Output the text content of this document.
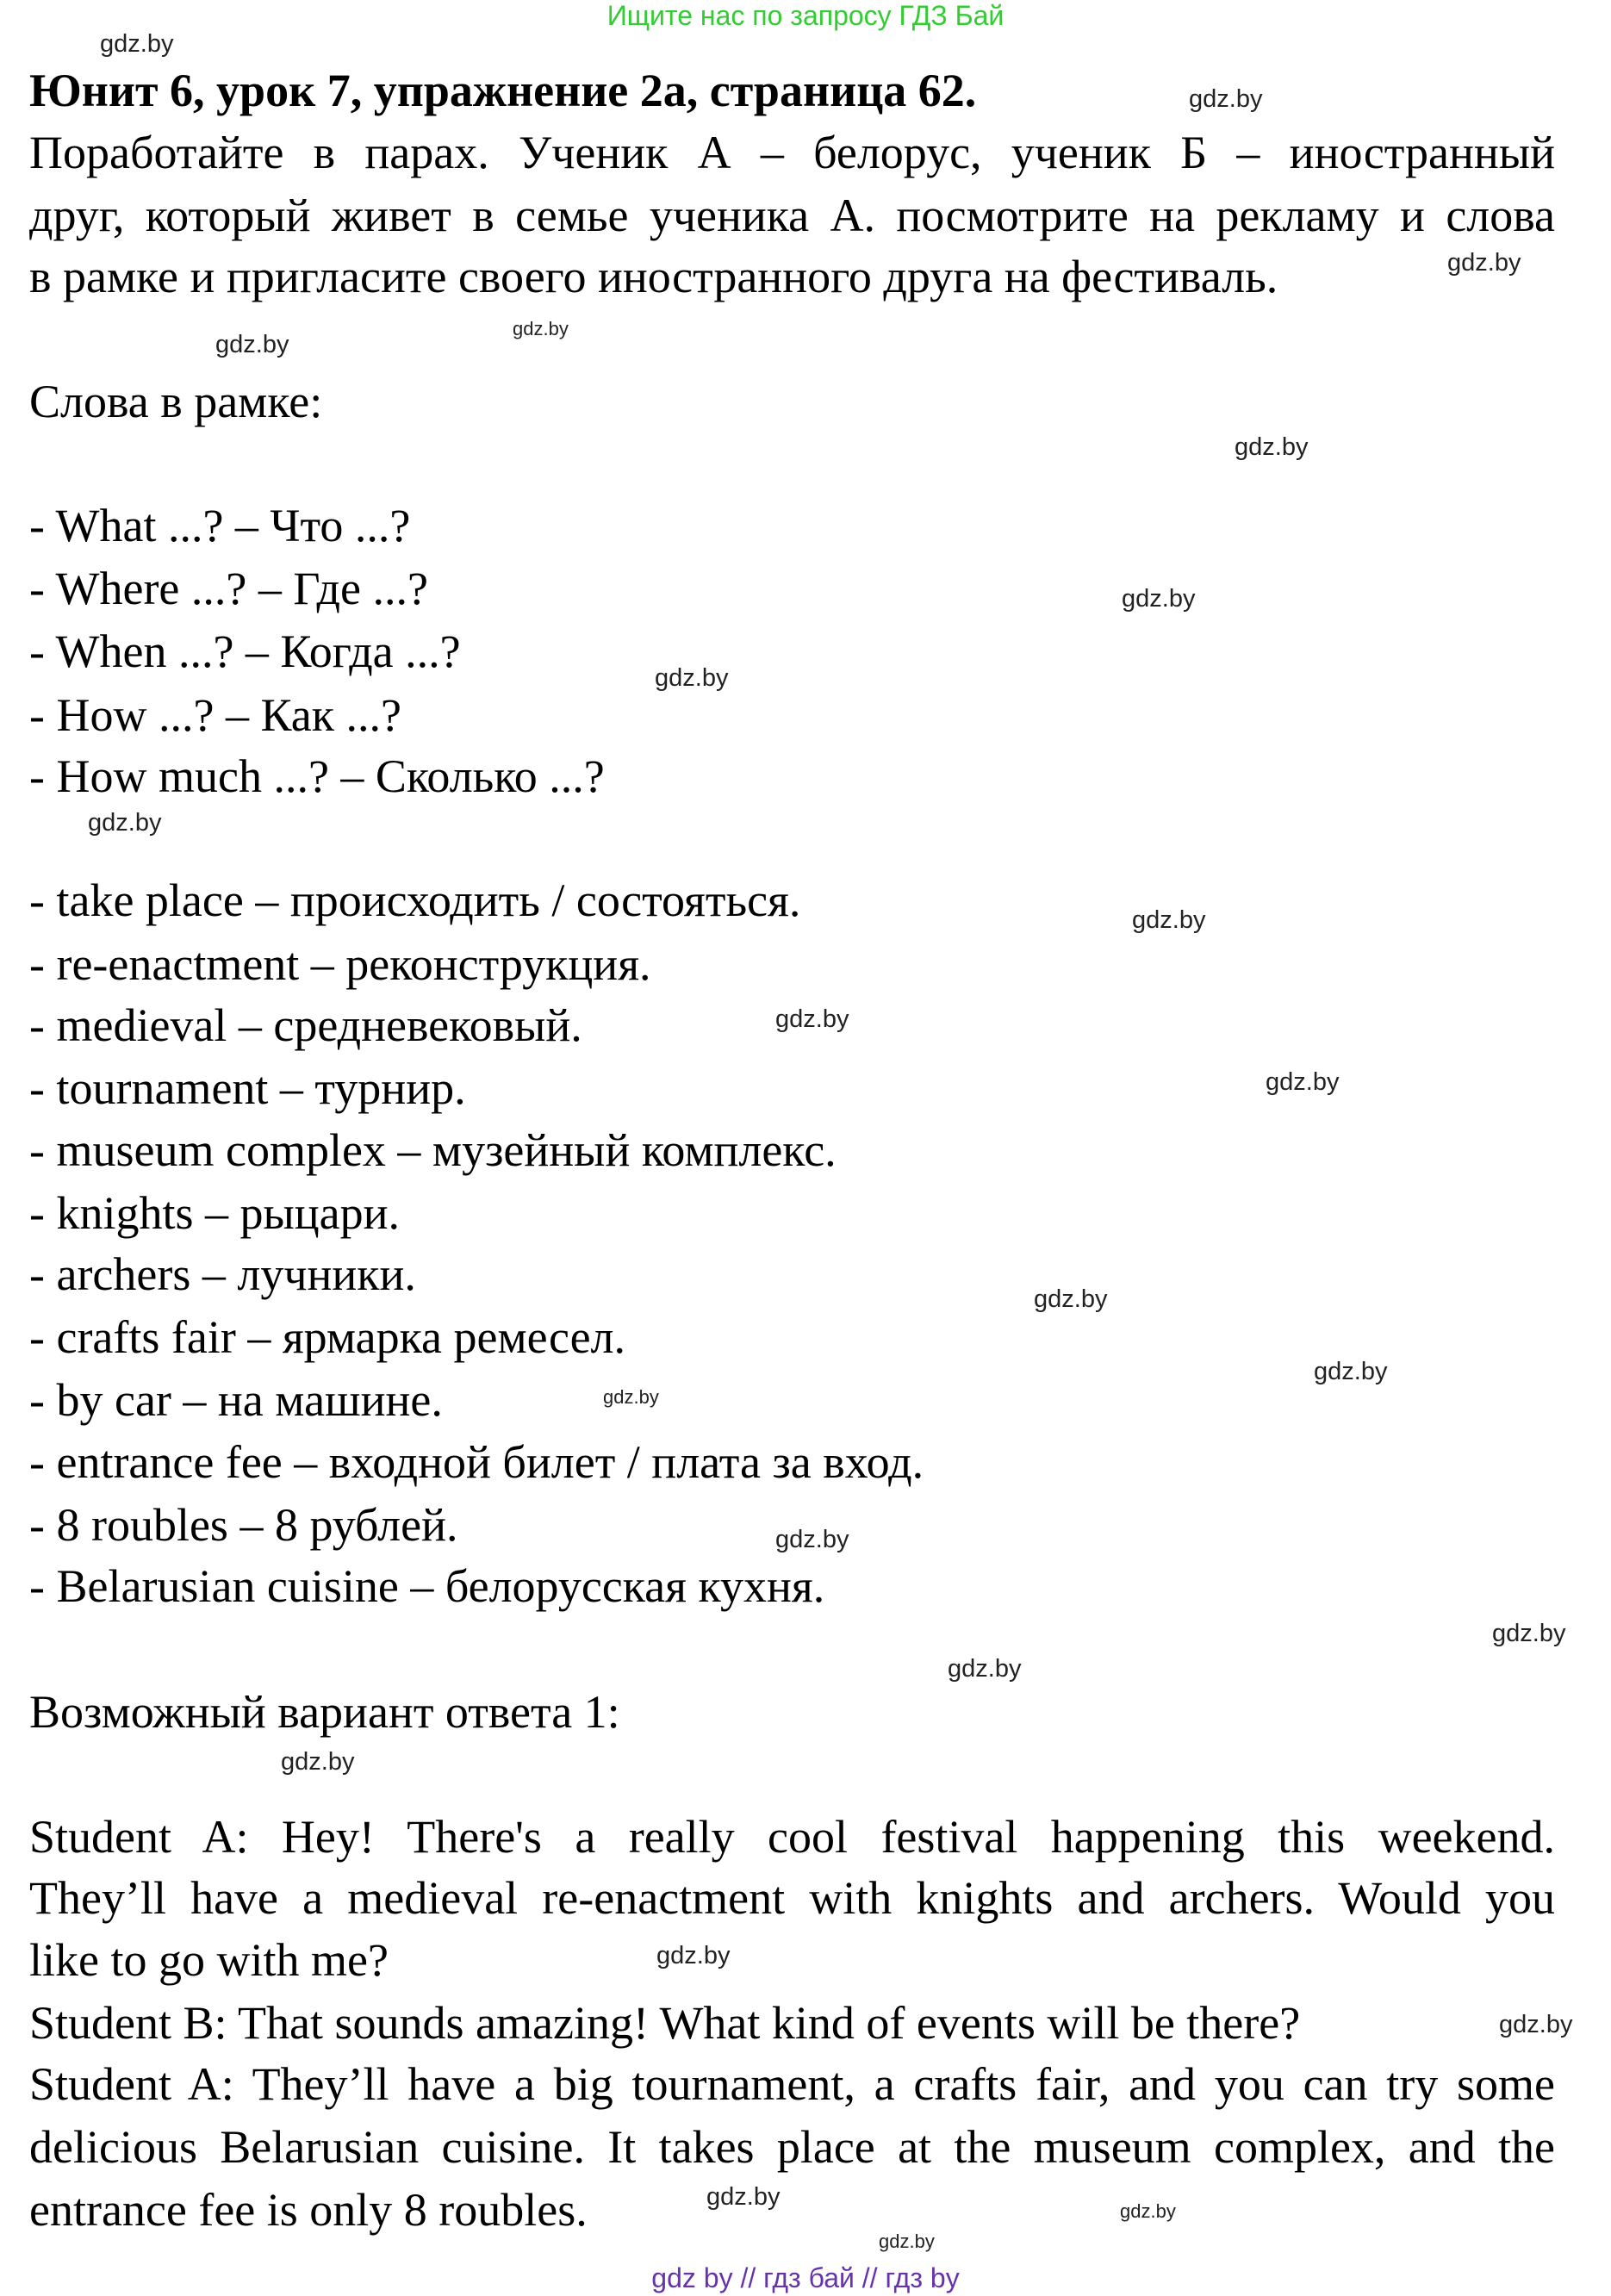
Ищите нас по запросу ГДЗ Бай
Юнит 6, урок 7, упражнение 2a, страница 62.
Поработайте в парах. Ученик А – белорус, ученик Б – иностранный
друг, который живет в семье ученика А. посмотрите на рекламу и слова
в рамке и пригласите своего иностранного друга на фестиваль.
Слова в рамке:
- What ...? – Что ...?
- Where ...? – Где ...?
- When ...? – Когда ...?
- How ...? – Как ...?
- How much ...? – Сколько ...?
- take place – происходить / состояться.
- re-enactment – реконструкция.
- medieval – средневековый.
- tournament – турнир.
- museum complex – музейный комплекс.
- knights – рыцари.
- archers – лучники.
- crafts fair – ярмарка ремесел.
- by car – на машине.
- entrance fee – входной билет / плата за вход.
- 8 roubles – 8 рублей.
- Belarusian cuisine – белорусская кухня.
Возможный вариант ответа 1:
Student A: Hey! There's a really cool festival happening this weekend.
They’ll have a medieval re-enactment with knights and archers. Would you
like to go with me?
Student B: That sounds amazing! What kind of events will be there?
Student A: They’ll have a big tournament, a crafts fair, and you can try some
delicious Belarusian cuisine. It takes place at the museum complex, and the
entrance fee is only 8 roubles.
gdz.by
gdz.by
gdz.by
gdz.by
gdz.by
gdz.by
gdz.by
gdz.by
gdz.by
gdz.by
gdz.by
gdz.by
gdz.by
gdz.by
gdz.by
gdz.by
gdz.by
gdz.by
gdz.by
gdz.by
gdz.by
gdz.by
gdz.by
gdz.by
gdz by // гдз бай // гдз by
